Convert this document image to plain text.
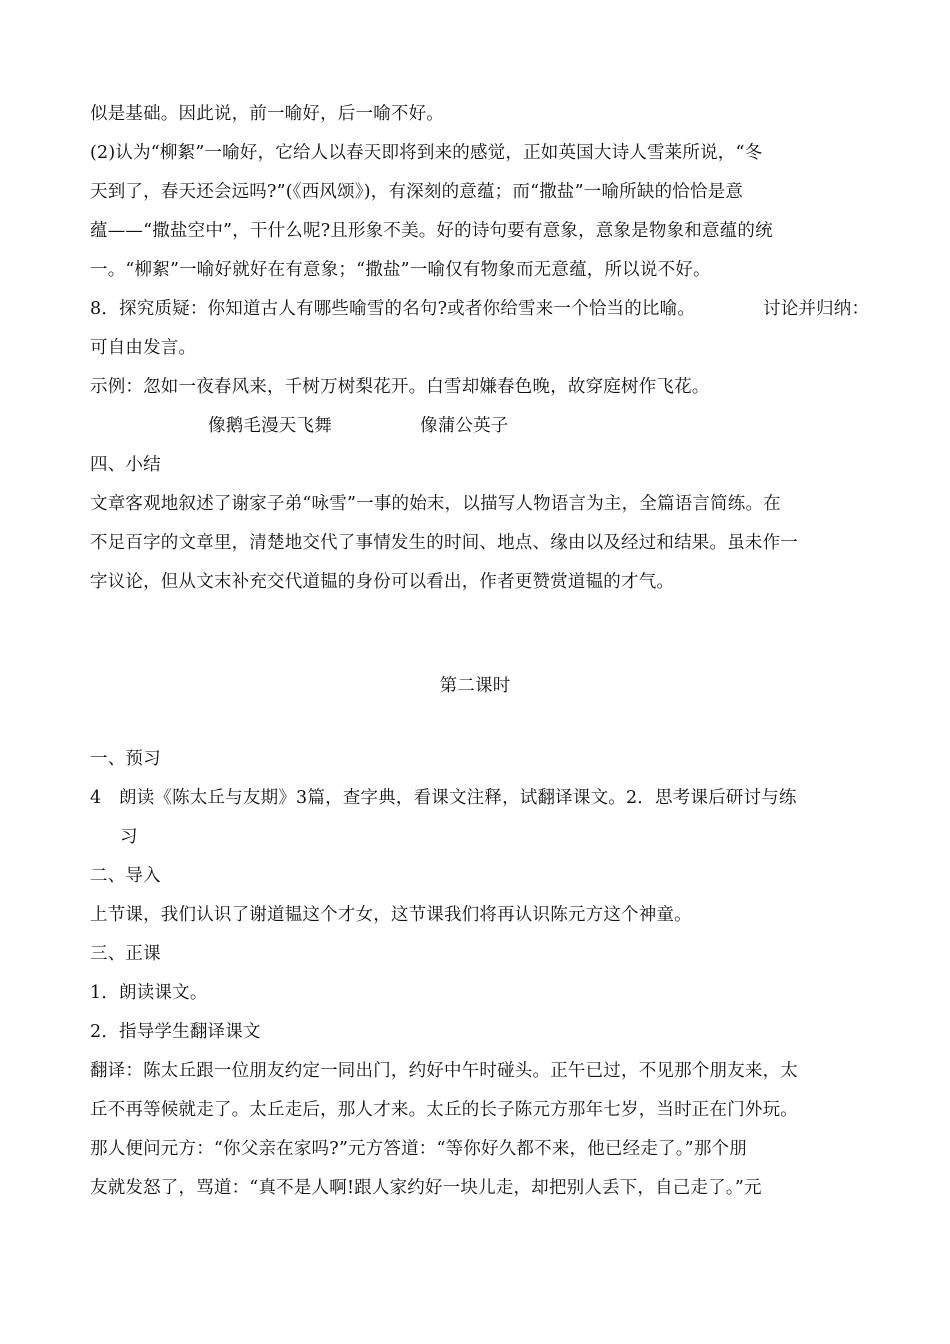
似是基础。因此说，前一喻好，后一喻不好。
(2)认为“柳絮”一喻好，它给人以春天即将到来的感觉，正如英国大诗人雪莱所说，“冬
天到了，春天还会远吗?”(《西风颂》)，有深刻的意蕴；而“撒盐”一喻所缺的恰恰是意
蕴——“撒盐空中”，干什么呢?且形象不美。好的诗句要有意象，意象是物象和意蕴的统
一。“柳絮”一喻好就好在有意象；“撒盐”一喻仅有物象而无意蕴，所以说不好。
8．探究质疑：你知道古人有哪些喻雪的名句?或者你给雪来一个恰当的比喻。	讨论并归纳：
可自由发言。
示例：忽如一夜春风来，千树万树梨花开。白雪却嫌春色晚，故穿庭树作飞花。
像鹅毛漫天飞舞	像蒲公英子
四、小结
文章客观地叙述了谢家子弟“咏雪”一事的始末，以描写人物语言为主，全篇语言简练。在
不足百字的文章里，清楚地交代了事情发生的时间、地点、缘由以及经过和结果。虽未作一
字议论，但从文末补充交代道韫的身份可以看出，作者更赞赏道韫的才气。
第二课时
一、预习
4　朗读《陈太丘与友期》3篇，查字典，看课文注释，试翻译课文。2．思考课后研讨与练
习
二、导入
上节课，我们认识了谢道韫这个才女，这节课我们将再认识陈元方这个神童。
三、正课
1．朗读课文。
2．指导学生翻译课文
翻译：陈太丘跟一位朋友约定一同出门，约好中午时碰头。正午已过，不见那个朋友来，太
丘不再等候就走了。太丘走后，那人才来。太丘的长子陈元方那年七岁，当时正在门外玩。
那人便问元方：“你父亲在家吗?”元方答道：“等你好久都不来，他已经走了。”那个朋
友就发怒了，骂道：“真不是人啊!跟人家约好一块儿走，却把别人丢下，自己走了。”元
